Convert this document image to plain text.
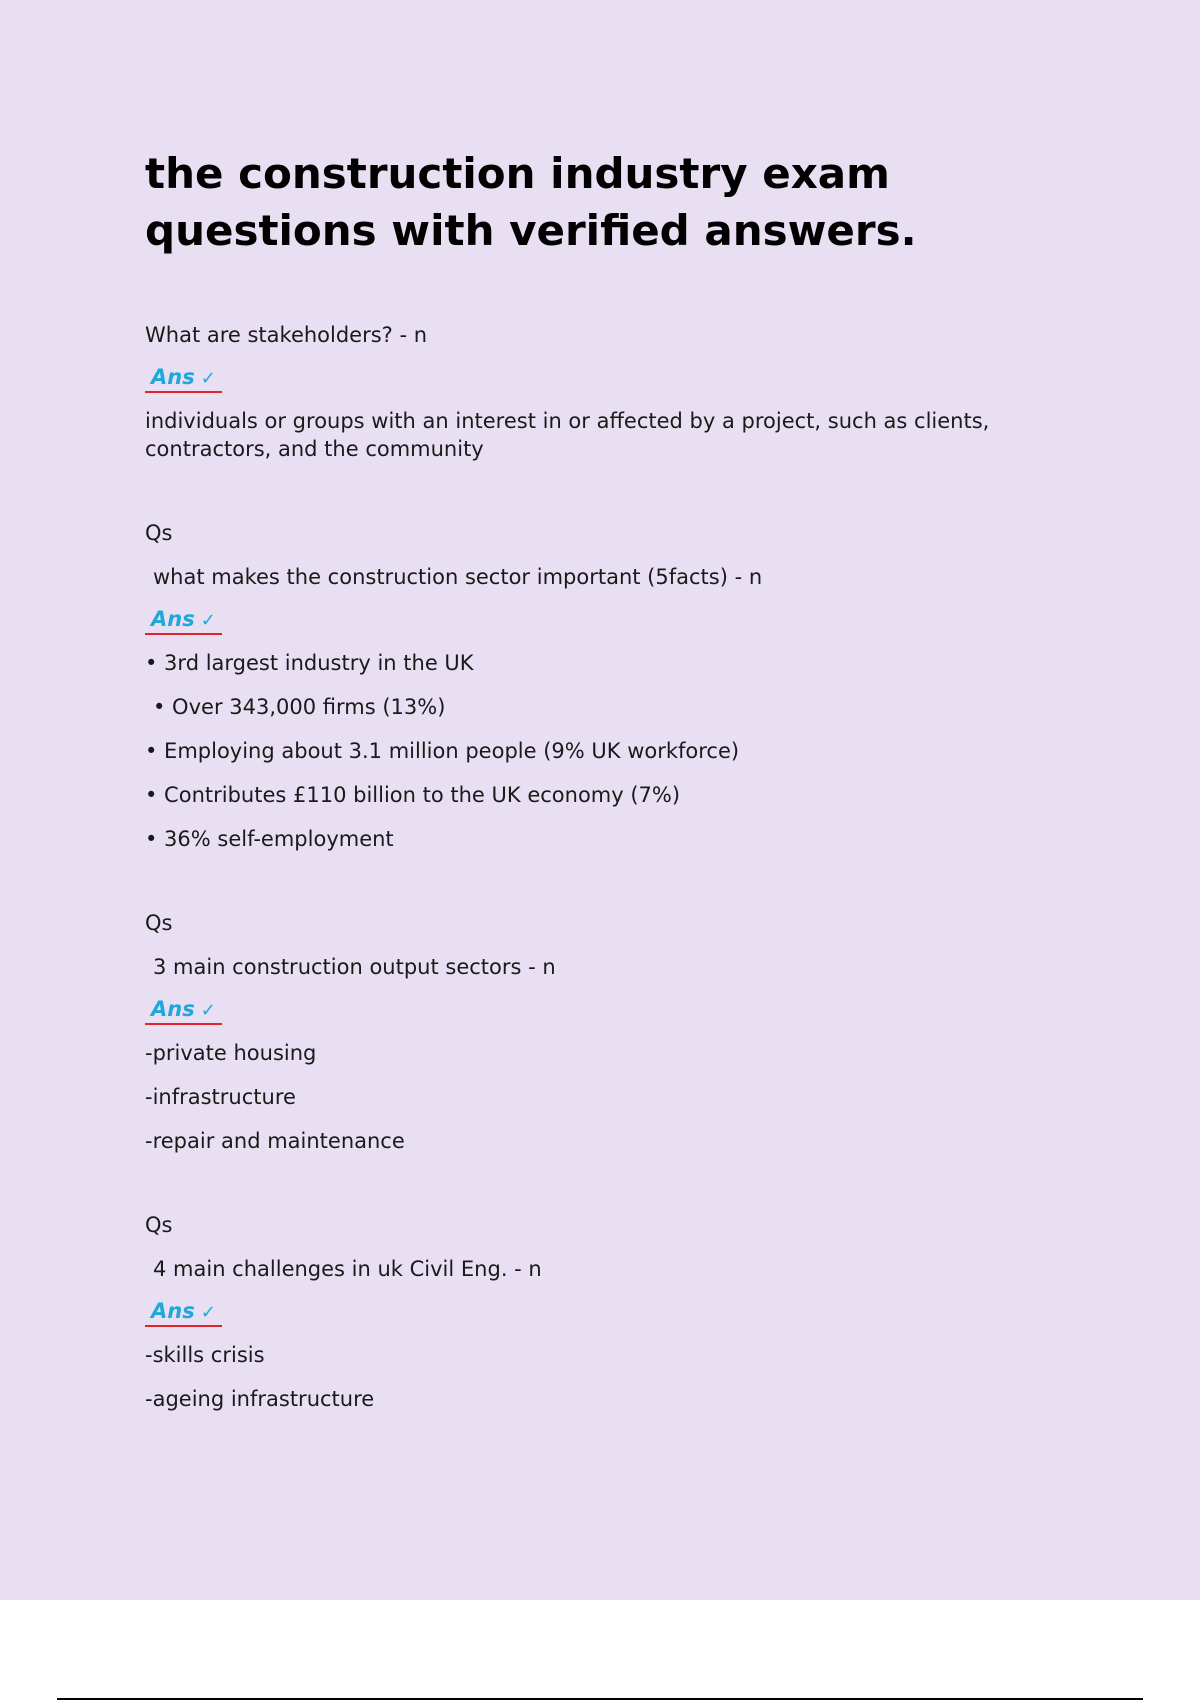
the construction industry exam questions with verified answers.
What are stakeholders? - n
Ans ✓
individuals or groups with an interest in or affected by a project, such as clients, contractors, and the community
Qs
what makes the construction sector important (5facts) - n
Ans ✓
• 3rd largest industry in the UK
• Over 343,000 firms (13%)
• Employing about 3.1 million people (9% UK workforce)
• Contributes £110 billion to the UK economy (7%)
• 36% self-employment
Qs
3 main construction output sectors - n
Ans ✓
-private housing
-infrastructure
-repair and maintenance
Qs
4 main challenges in uk Civil Eng. - n
Ans ✓
-skills crisis
-ageing infrastructure
